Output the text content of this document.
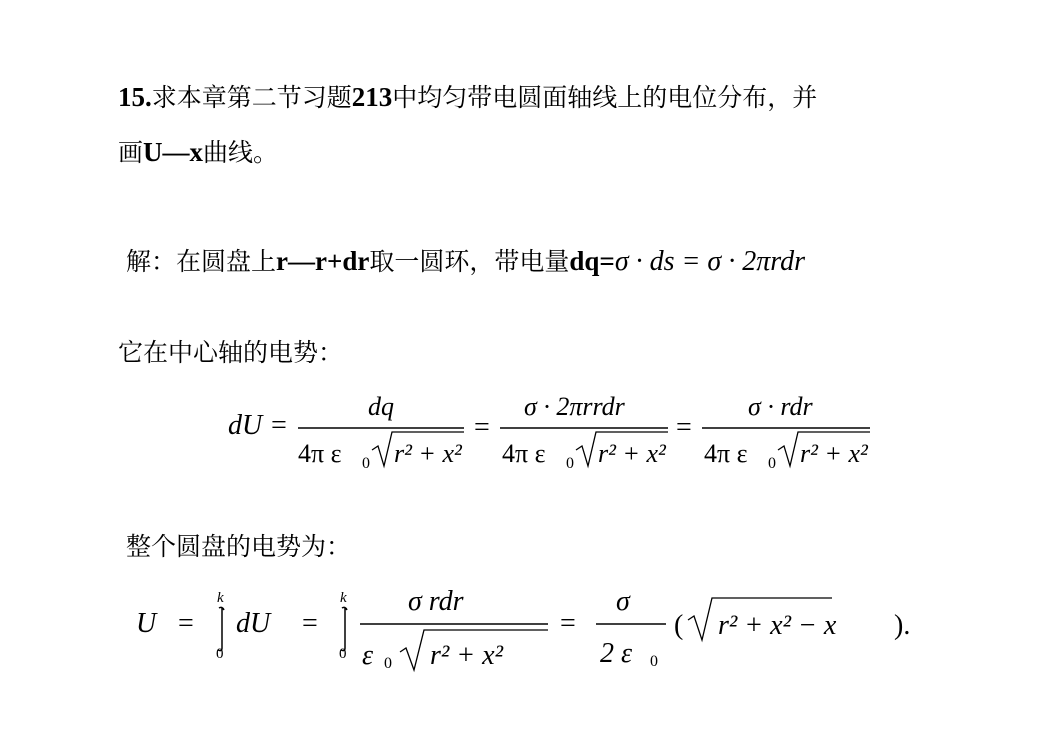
15.求本章第二节习题213中均匀带电圆面轴线上的电位分布，并
画U—x曲线。
解：在圆盘上r—r+dr取一圆环，带电量dq=σ · ds = σ · 2πrdr
它在中心轴的电势：
dU =
dq
4π ε 0 r² + x²
=
σ · 2πrrdr
4π ε 0 r² + x²
=
σ · rdr
4π ε 0 r² + x²
整个圆盘的电势为：
U =
k
0
dU =
k
0
σ rdr
ε 0 r² + x²
=
σ
2 ε 0
( r² + x² − x ).
